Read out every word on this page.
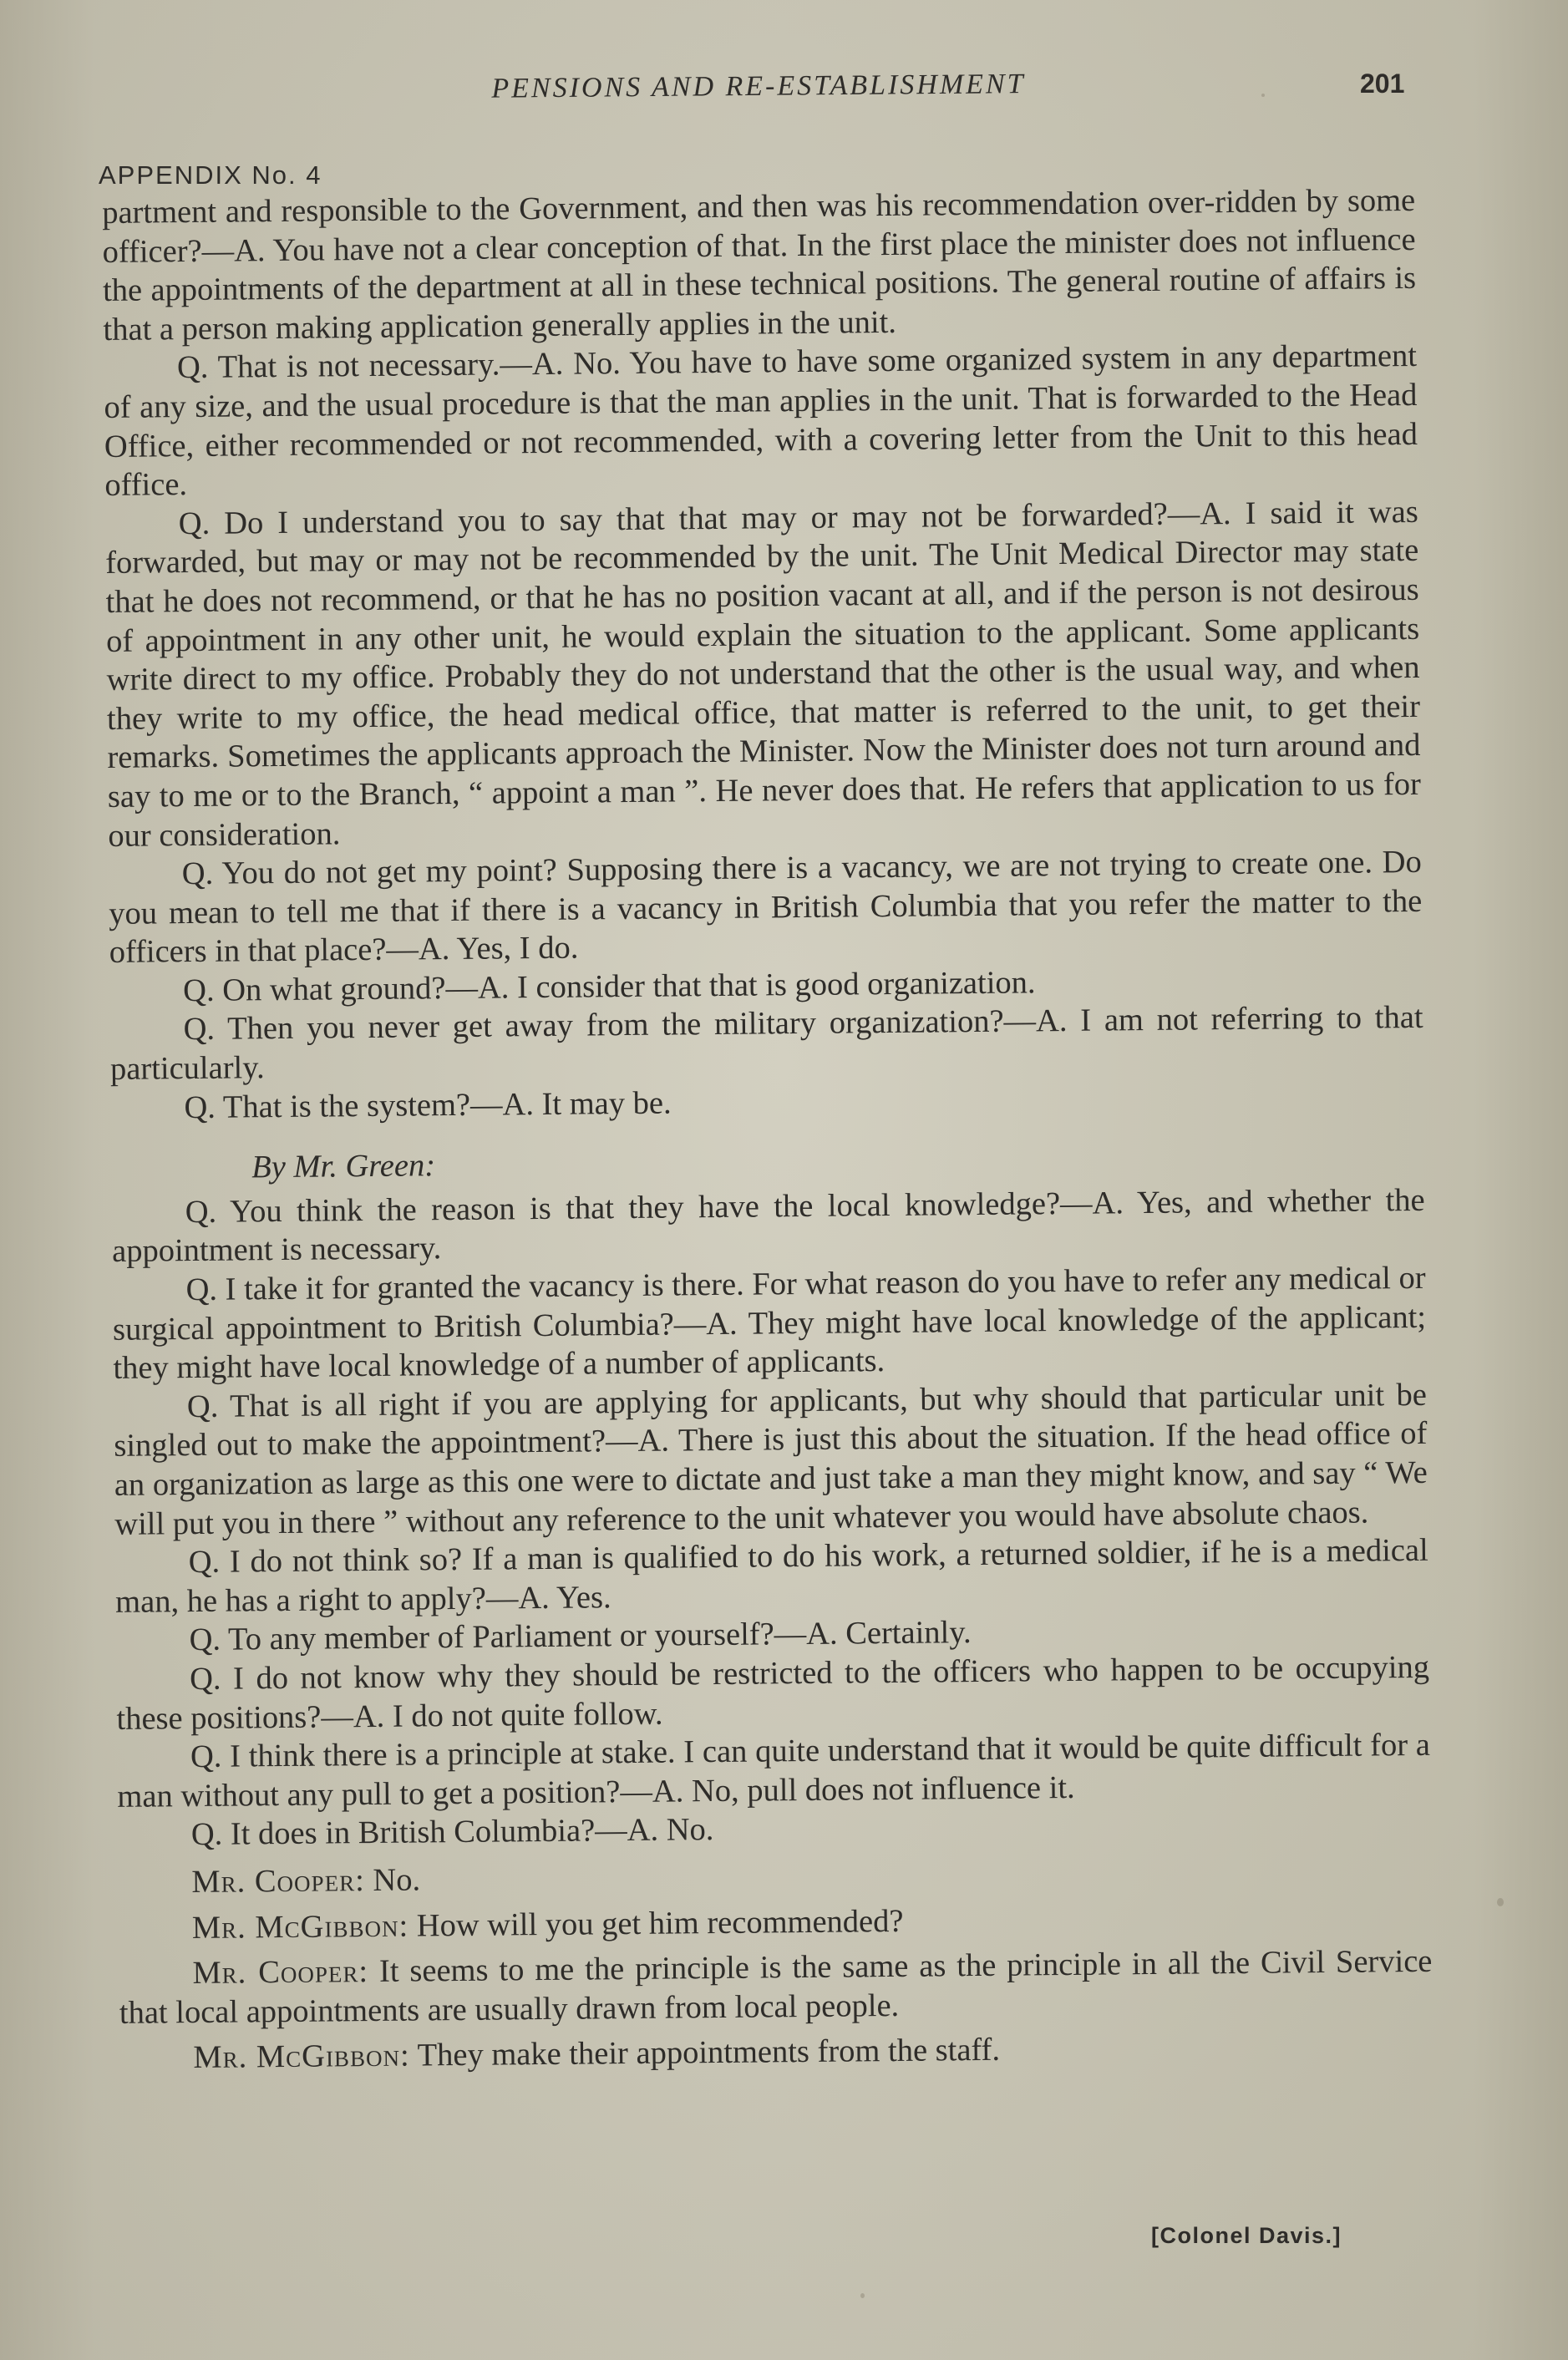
PENSIONS AND RE-ESTABLISHMENT	201
APPENDIX No. 4

partment and responsible to the Government, and then was his recommendation over-ridden by some officer?—A. You have not a clear conception of that. In the first place the minister does not influence the appointments of the department at all in these technical positions. The general routine of affairs is that a person making application generally applies in the unit.

Q. That is not necessary.—A. No. You have to have some organized system in any department of any size, and the usual procedure is that the man applies in the unit. That is forwarded to the Head Office, either recommended or not recommended, with a covering letter from the Unit to this head office.

Q. Do I understand you to say that that may or may not be forwarded?—A. I said it was forwarded, but may or may not be recommended by the unit. The Unit Medical Director may state that he does not recommend, or that he has no position vacant at all, and if the person is not desirous of appointment in any other unit, he would explain the situation to the applicant. Some applicants write direct to my office. Probably they do not understand that the other is the usual way, and when they write to my office, the head medical office, that matter is referred to the unit, to get their remarks. Sometimes the applicants approach the Minister. Now the Minister does not turn around and say to me or to the Branch, “ appoint a man ”. He never does that. He refers that application to us for our consideration.

Q. You do not get my point? Supposing there is a vacancy, we are not trying to create one. Do you mean to tell me that if there is a vacancy in British Columbia that you refer the matter to the officers in that place?—A. Yes, I do.

Q. On what ground?—A. I consider that that is good organization.

Q. Then you never get away from the military organization?—A. I am not referring to that particularly.

Q. That is the system?—A. It may be.

By Mr. Green:

Q. You think the reason is that they have the local knowledge?—A. Yes, and whether the appointment is necessary.

Q. I take it for granted the vacancy is there. For what reason do you have to refer any medical or surgical appointment to British Columbia?—A. They might have local knowledge of the applicant; they might have local knowledge of a number of applicants.

Q. That is all right if you are applying for applicants, but why should that particular unit be singled out to make the appointment?—A. There is just this about the situation. If the head office of an organization as large as this one were to dictate and just take a man they might know, and say “ We will put you in there ” without any reference to the unit whatever you would have absolute chaos.

Q. I do not think so? If a man is qualified to do his work, a returned soldier, if he is a medical man, he has a right to apply?—A. Yes.

Q. To any member of Parliament or yourself?—A. Certainly.

Q. I do not know why they should be restricted to the officers who happen to be occupying these positions?—A. I do not quite follow.

Q. I think there is a principle at stake. I can quite understand that it would be quite difficult for a man without any pull to get a position?—A. No, pull does not influence it.

Q. It does in British Columbia?—A. No.

Mr. Cooper: No.

Mr. McGibbon: How will you get him recommended?

Mr. Cooper: It seems to me the principle is the same as the principle in all the Civil Service that local appointments are usually drawn from local people.

Mr. McGibbon: They make their appointments from the staff.

[Colonel Davis.]
